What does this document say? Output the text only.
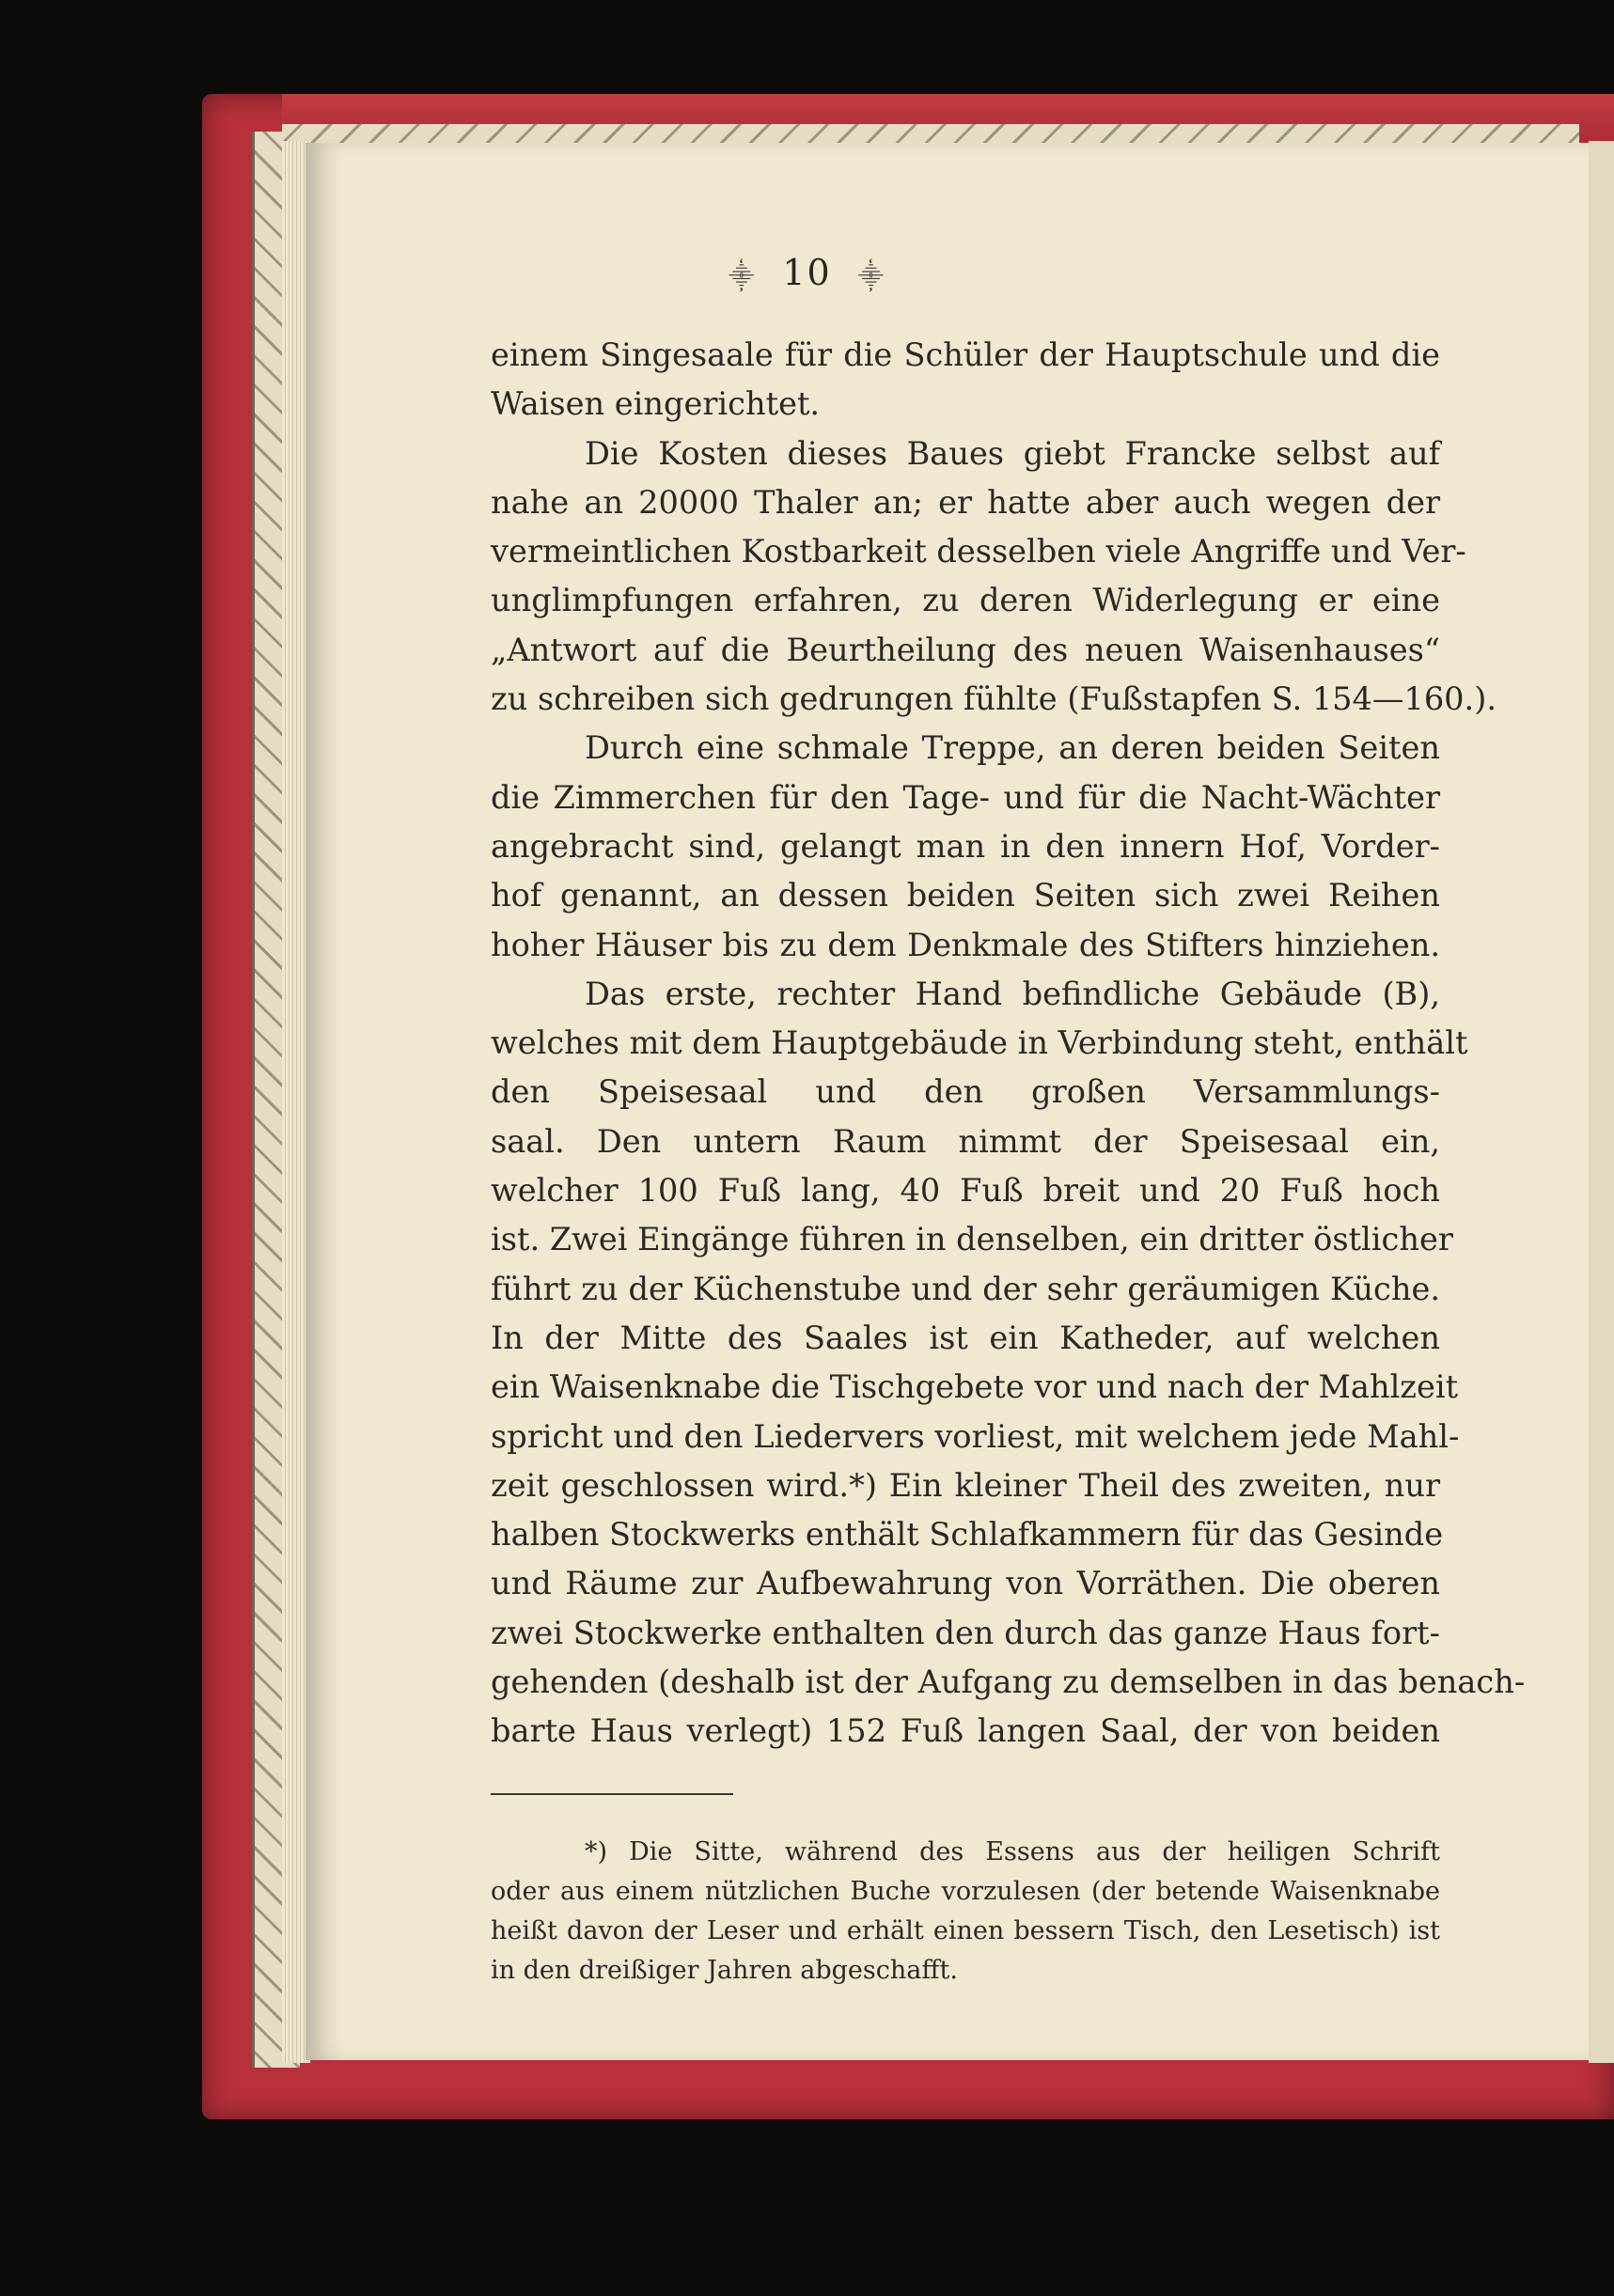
⸎ 10 ⸎
einem Singesaale für die Schüler der Hauptschule und die
Waisen eingerichtet.
Die Kosten dieses Baues giebt Francke selbst auf
nahe an 20000 Thaler an; er hatte aber auch wegen der
vermeintlichen Kostbarkeit desselben viele Angriffe und Ver-
unglimpfungen erfahren, zu deren Widerlegung er eine
„Antwort auf die Beurtheilung des neuen Waisenhauses“
zu schreiben sich gedrungen fühlte (Fußstapfen S. 154—160.).
Durch eine schmale Treppe, an deren beiden Seiten
die Zimmerchen für den Tage- und für die Nacht-Wächter
angebracht sind, gelangt man in den innern Hof, Vorder-
hof genannt, an dessen beiden Seiten sich zwei Reihen
hoher Häuser bis zu dem Denkmale des Stifters hinziehen.
Das erste, rechter Hand befindliche Gebäude (B),
welches mit dem Hauptgebäude in Verbindung steht, enthält
den Speisesaal und den großen Versammlungs-
saal. Den untern Raum nimmt der Speisesaal ein,
welcher 100 Fuß lang, 40 Fuß breit und 20 Fuß hoch
ist. Zwei Eingänge führen in denselben, ein dritter östlicher
führt zu der Küchenstube und der sehr geräumigen Küche.
In der Mitte des Saales ist ein Katheder, auf welchen
ein Waisenknabe die Tischgebete vor und nach der Mahlzeit
spricht und den Liedervers vorliest, mit welchem jede Mahl-
zeit geschlossen wird.*) Ein kleiner Theil des zweiten, nur
halben Stockwerks enthält Schlafkammern für das Gesinde
und Räume zur Aufbewahrung von Vorräthen. Die oberen
zwei Stockwerke enthalten den durch das ganze Haus fort-
gehenden (deshalb ist der Aufgang zu demselben in das benach-
barte Haus verlegt) 152 Fuß langen Saal, der von beiden
*) Die Sitte, während des Essens aus der heiligen Schrift
oder aus einem nützlichen Buche vorzulesen (der betende Waisenknabe
heißt davon der Leser und erhält einen bessern Tisch, den Lesetisch) ist
in den dreißiger Jahren abgeschafft.
